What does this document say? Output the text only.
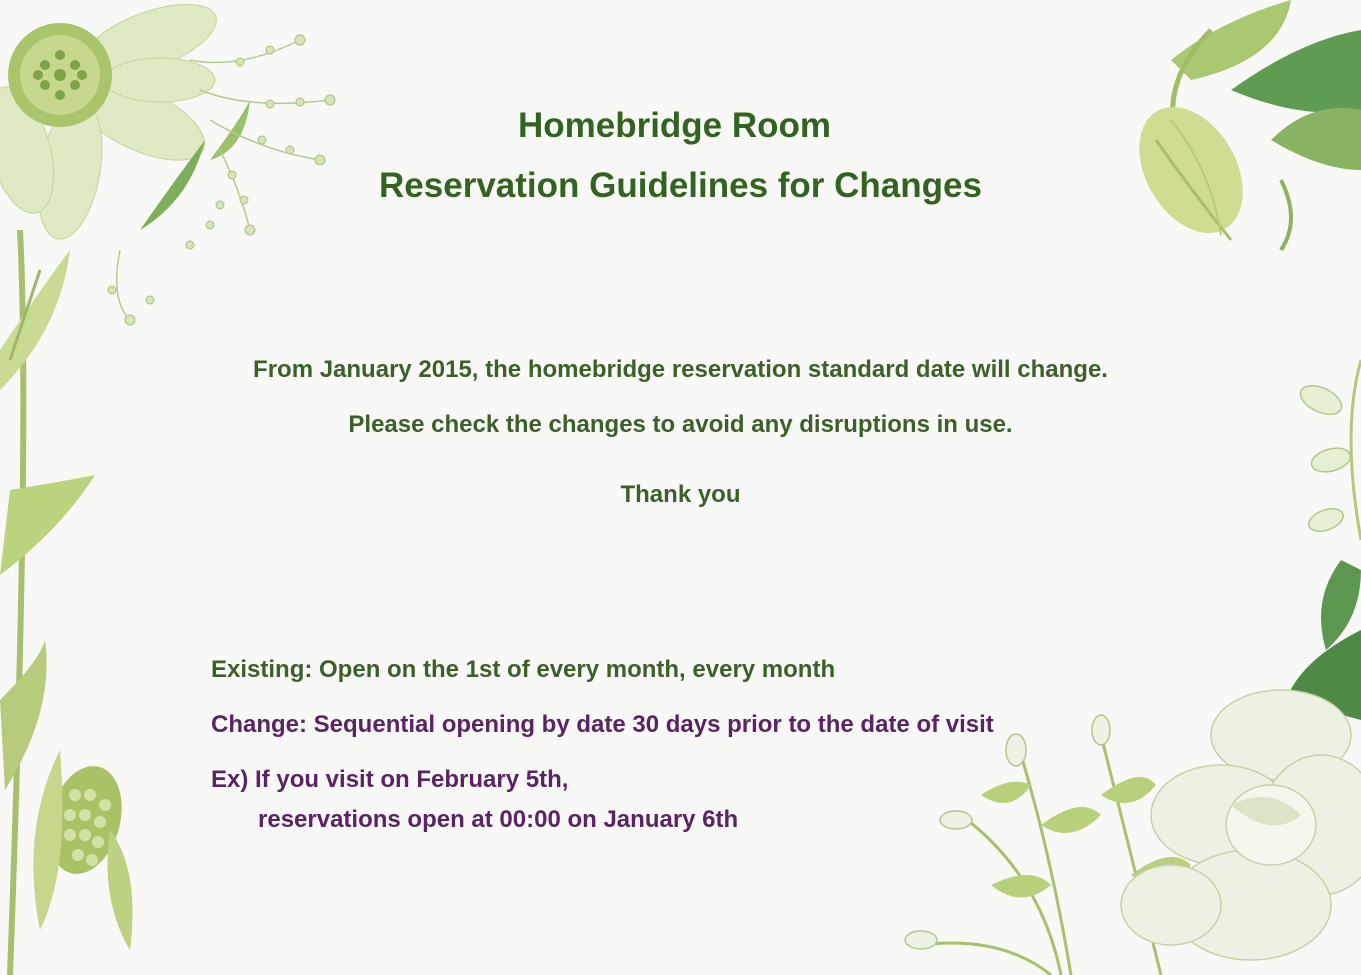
Homebridge Room
Reservation Guidelines for Changes
From January 2015, the homebridge reservation standard date will change.
Please check the changes to avoid any disruptions in use.
Thank you
Existing: Open on the 1st of every month, every month
Change: Sequential opening by date 30 days prior to the date of visit
Ex) If you visit on February 5th,
reservations open at 00:00 on January 6th
